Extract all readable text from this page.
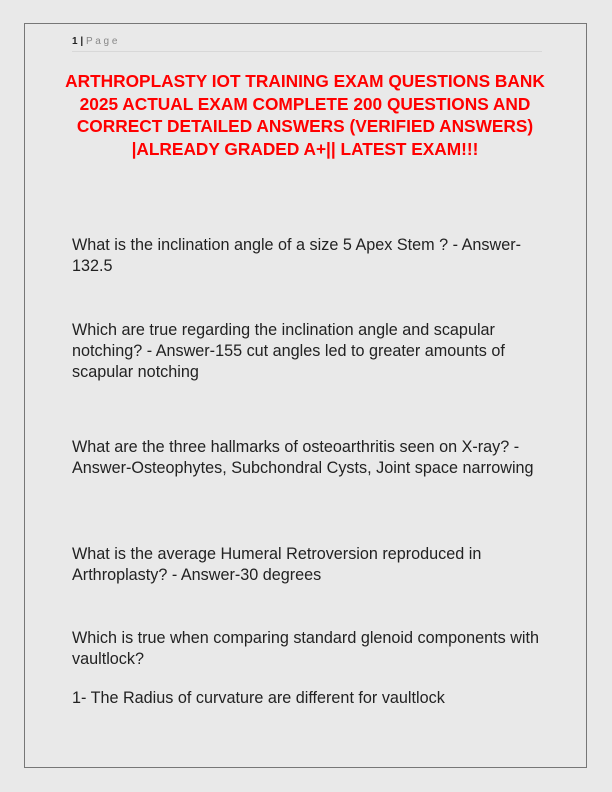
1 | P a g e
ARTHROPLASTY IOT TRAINING EXAM QUESTIONS BANK 2025 ACTUAL EXAM COMPLETE 200 QUESTIONS AND CORRECT DETAILED ANSWERS (VERIFIED ANSWERS) |ALREADY GRADED A+|| LATEST EXAM!!!
What is the inclination angle of a size 5 Apex Stem ? - Answer-132.5
Which are true regarding the inclination angle and scapular notching? - Answer-155 cut angles led to greater amounts of scapular notching
What are the three hallmarks of osteoarthritis seen on X-ray? - Answer-Osteophytes, Subchondral Cysts, Joint space narrowing
What is the average Humeral Retroversion reproduced in Arthroplasty? - Answer-30 degrees
Which is true when comparing standard glenoid components with vaultlock?
1- The Radius of curvature are different for vaultlock
